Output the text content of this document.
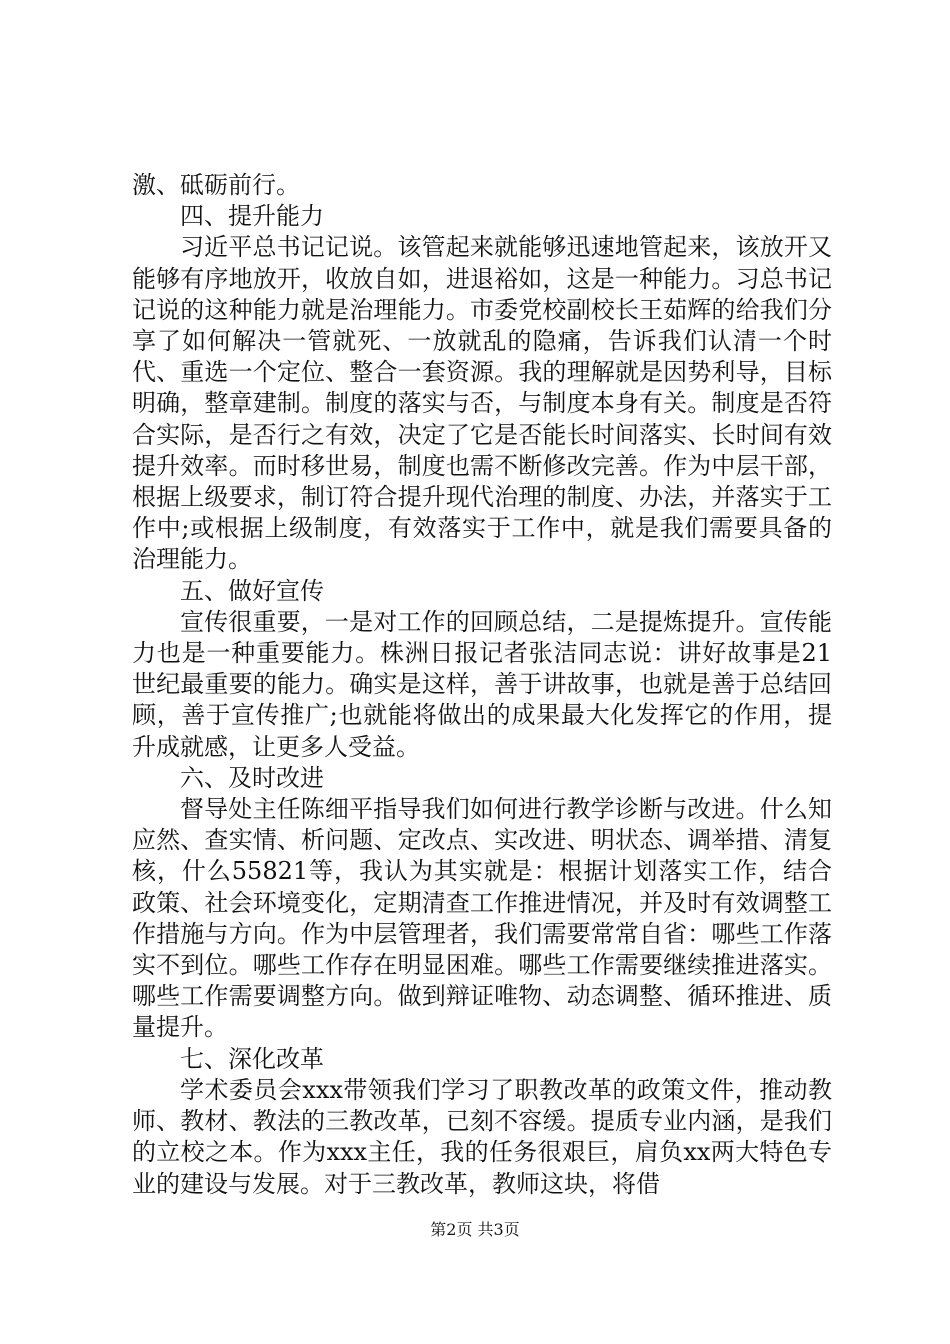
激、砥砺前行。

四、提升能力

习近平总书记记说。该管起来就能够迅速地管起来，该放开又能够有序地放开，收放自如，进退裕如，这是一种能力。习总书记记说的这种能力就是治理能力。市委党校副校长王茹辉的给我们分享了如何解决一管就死、一放就乱的隐痛，告诉我们认清一个时代、重选一个定位、整合一套资源。我的理解就是因势利导，目标明确，整章建制。制度的落实与否，与制度本身有关。制度是否符合实际，是否行之有效，决定了它是否能长时间落实、长时间有效提升效率。而时移世易，制度也需不断修改完善。作为中层干部，根据上级要求，制订符合提升现代治理的制度、办法，并落实于工作中;或根据上级制度，有效落实于工作中，就是我们需要具备的治理能力。

五、做好宣传

宣传很重要，一是对工作的回顾总结，二是提炼提升。宣传能力也是一种重要能力。株洲日报记者张洁同志说：讲好故事是21世纪最重要的能力。确实是这样，善于讲故事，也就是善于总结回顾，善于宣传推广;也就能将做出的成果最大化发挥它的作用，提升成就感，让更多人受益。

六、及时改进

督导处主任陈细平指导我们如何进行教学诊断与改进。什么知应然、查实情、析问题、定改点、实改进、明状态、调举措、清复核，什么55821等，我认为其实就是：根据计划落实工作，结合政策、社会环境变化，定期清查工作推进情况，并及时有效调整工作措施与方向。作为中层管理者，我们需要常常自省：哪些工作落实不到位。哪些工作存在明显困难。哪些工作需要继续推进落实。哪些工作需要调整方向。做到辩证唯物、动态调整、循环推进、质量提升。

七、深化改革

学术委员会xxx带领我们学习了职教改革的政策文件，推动教师、教材、教法的三教改革，已刻不容缓。提质专业内涵，是我们的立校之本。作为xxx主任，我的任务很艰巨，肩负xx两大特色专业的建设与发展。对于三教改革，教师这块，将借

第2页 共3页
